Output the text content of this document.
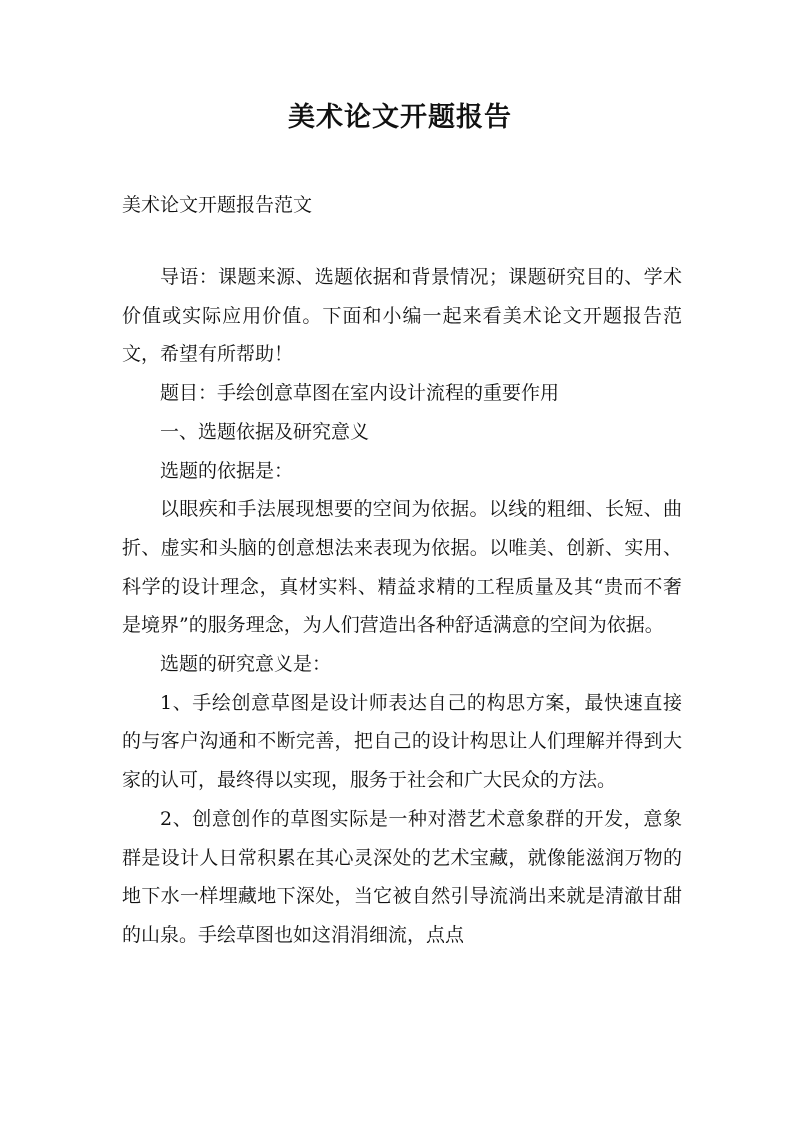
美术论文开题报告

美术论文开题报告范文

导语：课题来源、选题依据和背景情况；课题研究目的、学术价值或实际应用价值。下面和小编一起来看美术论文开题报告范文，希望有所帮助！

题目：手绘创意草图在室内设计流程的重要作用

一、选题依据及研究意义

选题的依据是：

以眼疾和手法展现想要的空间为依据。以线的粗细、长短、曲折、虚实和头脑的创意想法来表现为依据。以唯美、创新、实用、科学的设计理念，真材实料、精益求精的工程质量及其“贵而不奢是境界”的服务理念，为人们营造出各种舒适满意的空间为依据。

选题的研究意义是：

1、手绘创意草图是设计师表达自己的构思方案，最快速直接的与客户沟通和不断完善，把自己的设计构思让人们理解并得到大家的认可，最终得以实现，服务于社会和广大民众的方法。

2、创意创作的草图实际是一种对潜艺术意象群的开发，意象群是设计人日常积累在其心灵深处的艺术宝藏，就像能滋润万物的地下水一样埋藏地下深处，当它被自然引导流淌出来就是清澈甘甜的山泉。手绘草图也如这涓涓细流，点点
